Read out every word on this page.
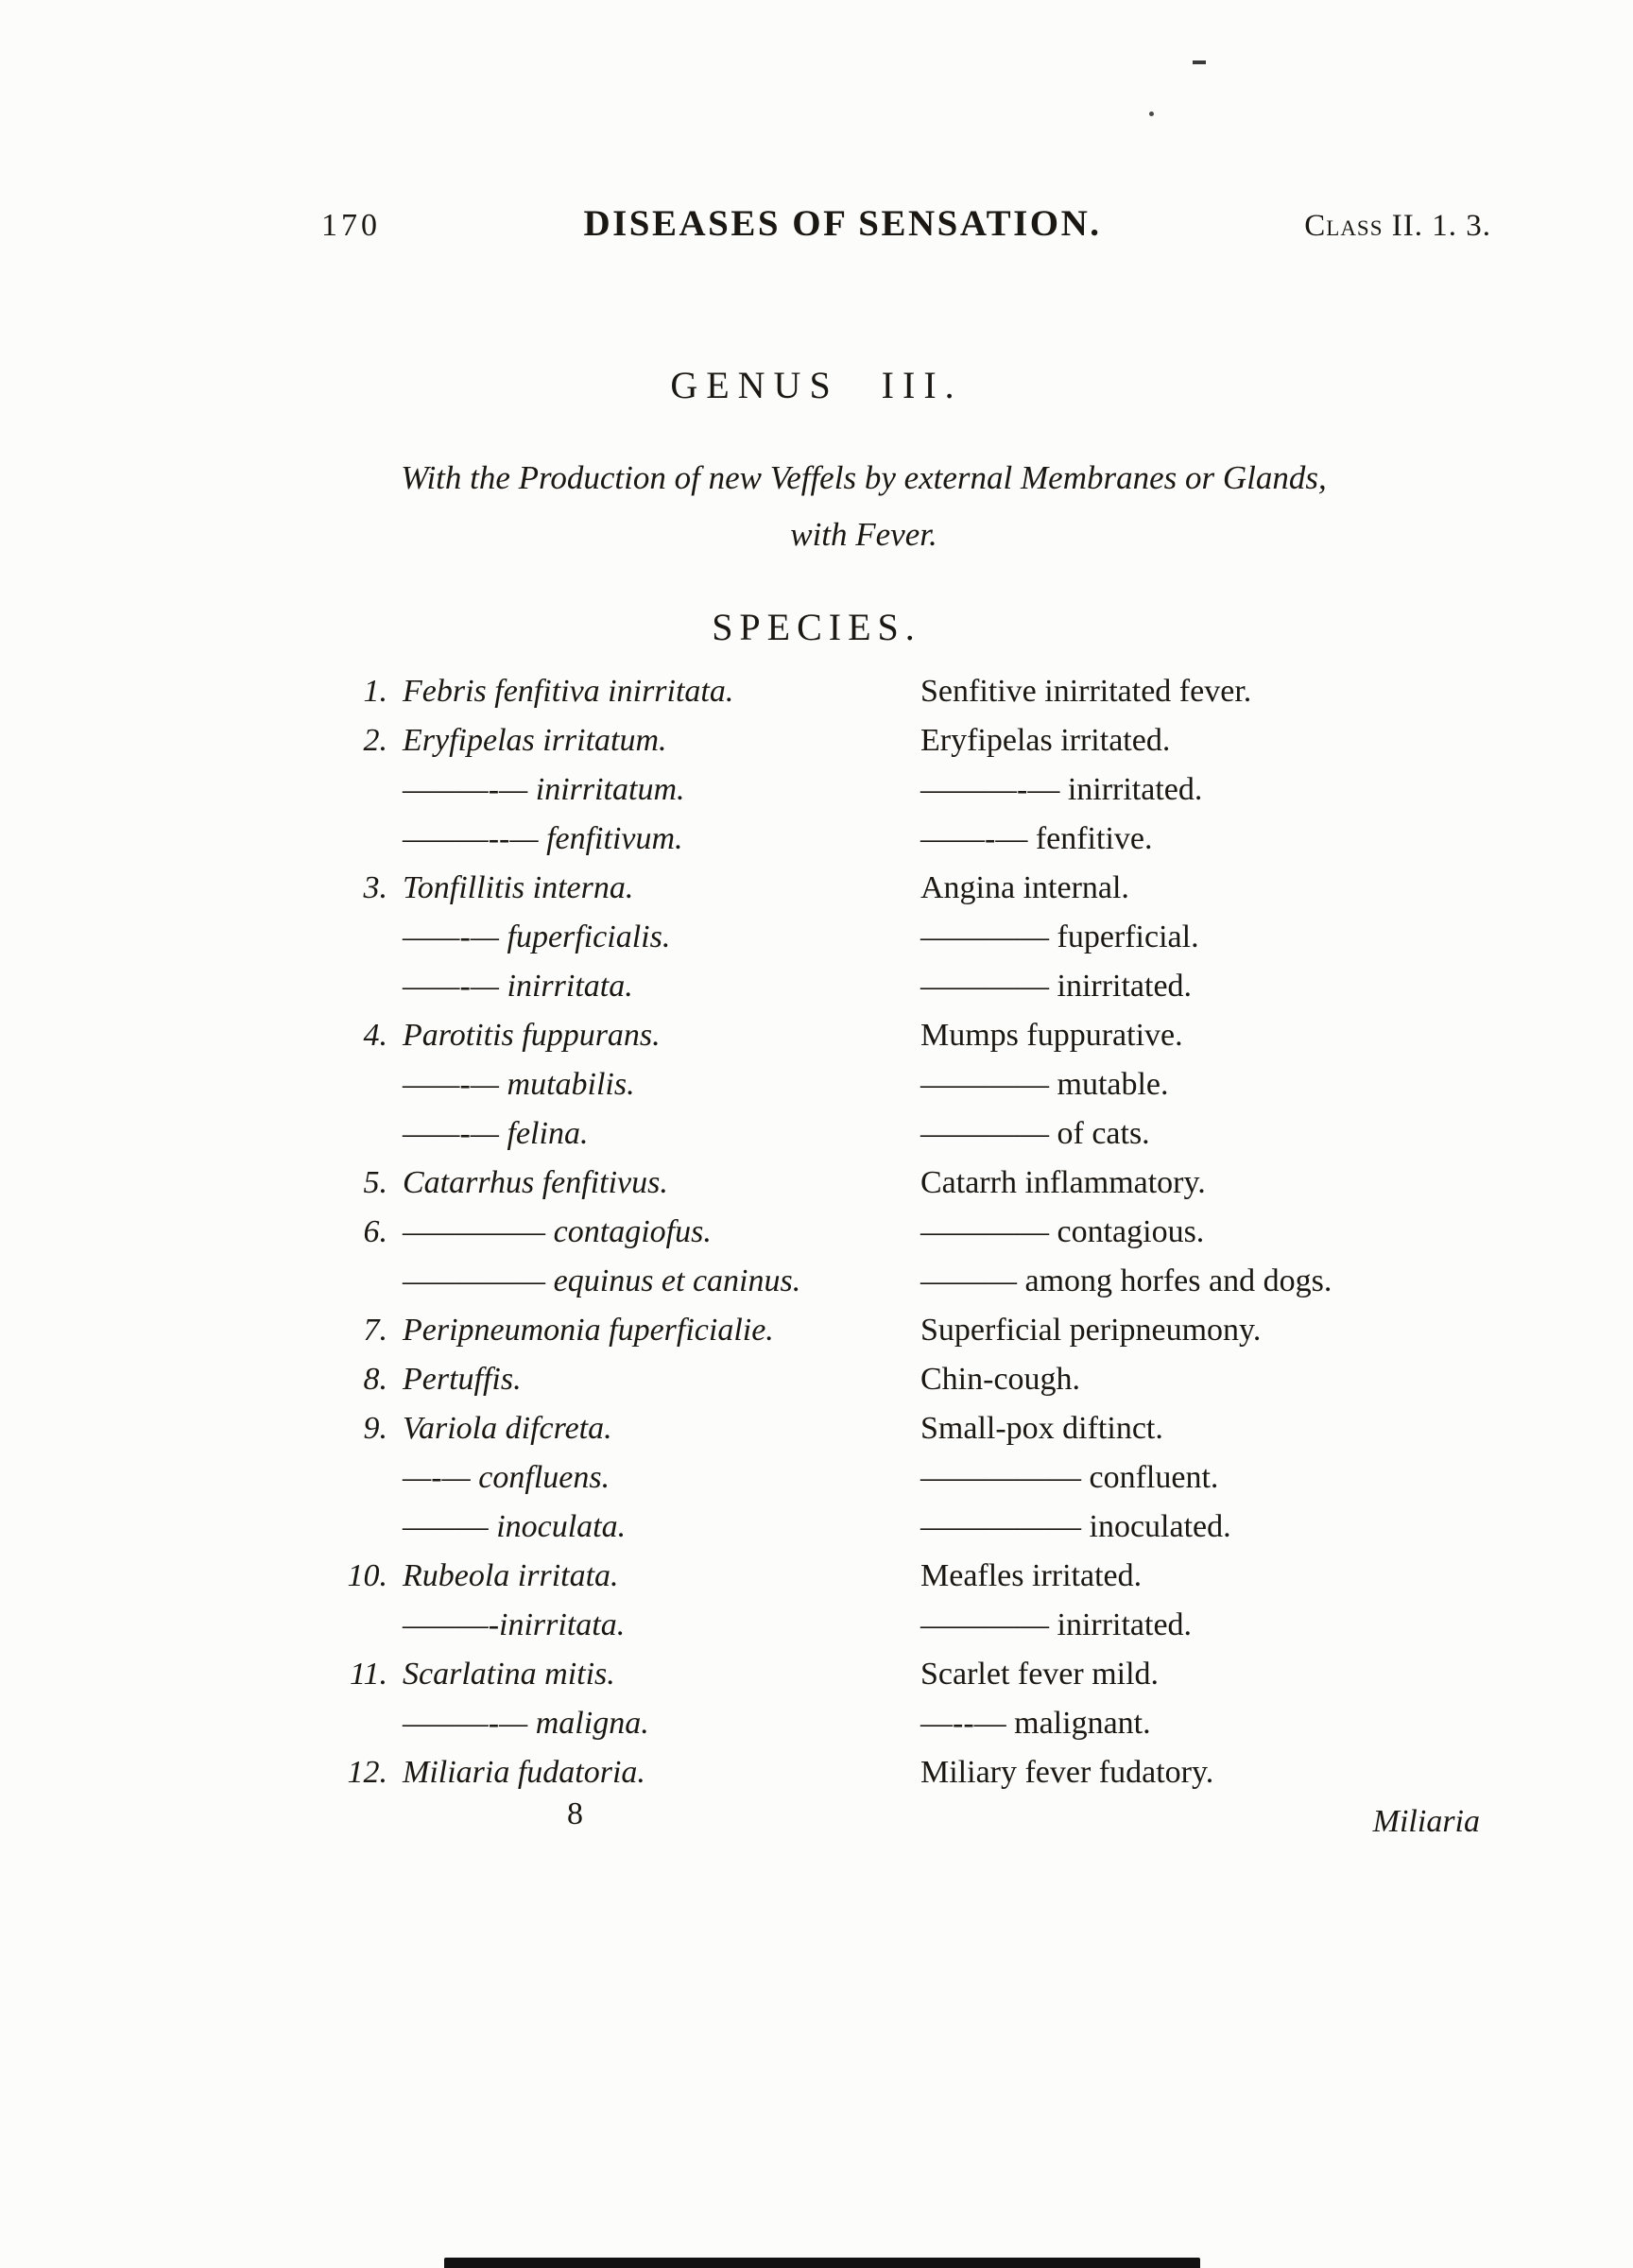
170	DISEASES OF SENSATION.	Class II. 1. 3.
GENUS III.
With the Production of new Veffels by external Membranes or Glands,
with Fever.
SPECIES.
1. Febris fenfitiva inirritata.	Senfitive inirritated fever.
2. Eryfipelas irritatum.	Eryfipelas irritated.
———-— inirritatum.	———-— inirritated.
———--— fenfitivum.	——-— fenfitive.
3. Tonfillitis interna.	Angina internal.
——-— fuperficialis.	———— fuperficial.
——-— inirritata.	———— inirritated.
4. Parotitis fuppurans.	Mumps fuppurative.
——-— mutabilis.	———— mutable.
——-— felina.	———— of cats.
5. Catarrhus fenfitivus.	Catarrh inflammatory.
6. ————— contagiofus.	———— contagious.
————— equinus et caninus.	——— among horfes and dogs.
7. Peripneumonia fuperficialie.	Superficial peripneumony.
8. Pertuffis.	Chin-cough.
9. Variola difcreta.	Small-pox diftinct.
—-— confluens.	————— confluent.
——— inoculata.	————— inoculated.
10. Rubeola irritata.	Meafles irritated.
———-inirritata.	———— inirritated.
11. Scarlatina mitis.	Scarlet fever mild.
———-— maligna.	—--— malignant.
12. Miliaria fudatoria.	Miliary fever fudatory.
8	Miliaria
